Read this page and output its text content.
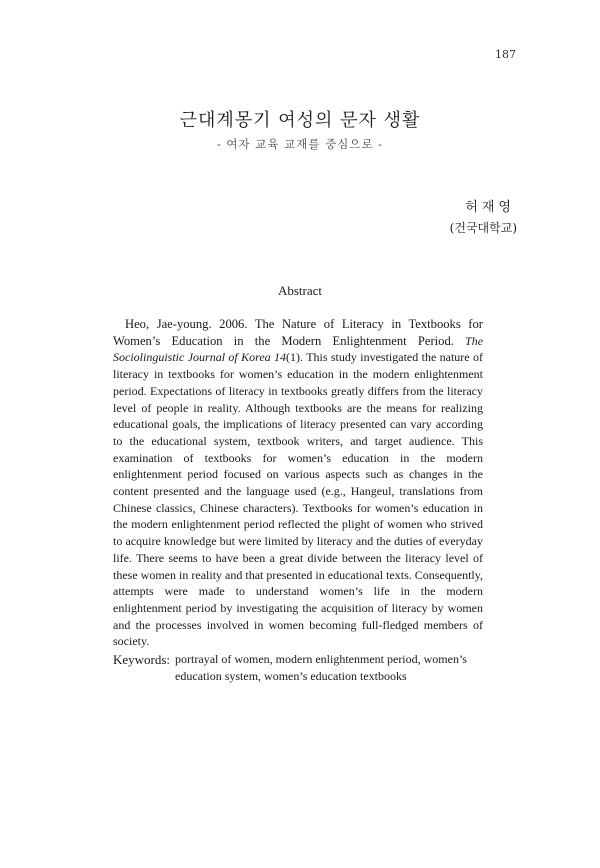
187
근대계몽기 여성의 문자 생활
- 여자 교육 교재를 중심으로 -
허재영
(건국대학교)
Abstract

Heo, Jae-young. 2006. The Nature of Literacy in Textbooks for Women’s Education in the Modern Enlightenment Period. The Sociolinguistic Journal of Korea 14(1). This study investigated the nature of literacy in textbooks for women’s education in the modern enlightenment period. Expectations of literacy in textbooks greatly differs from the literacy level of people in reality. Although textbooks are the means for realizing educational goals, the implications of literacy presented can vary according to the educational system, textbook writers, and target audience. This examination of textbooks for women’s education in the modern enlightenment period focused on various aspects such as changes in the content presented and the language used (e.g., Hangeul, translations from Chinese classics, Chinese characters). Textbooks for women’s education in the modern enlightenment period reflected the plight of women who strived to acquire knowledge but were limited by literacy and the duties of everyday life. There seems to have been a great divide between the literacy level of these women in reality and that presented in educational texts. Consequently, attempts were made to understand women’s life in the modern enlightenment period by investigating the acquisition of literacy by women and the processes involved in women becoming full-fledged members of society.

Keywords: portrayal of women, modern enlightenment period, women’s education system, women’s education textbooks
